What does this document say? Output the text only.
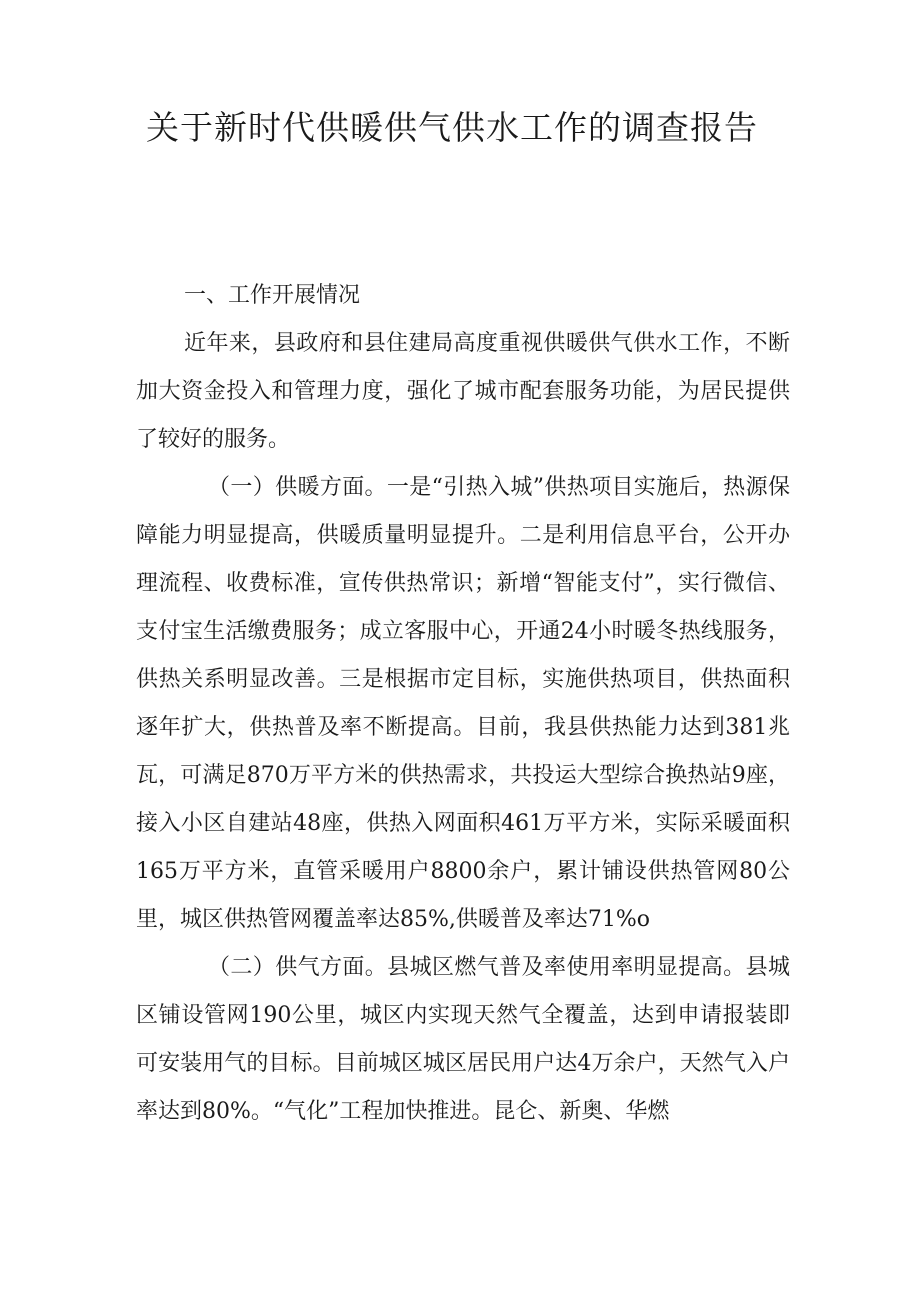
关于新时代供暖供气供水工作的调查报告

一、工作开展情况

近年来，县政府和县住建局高度重视供暖供气供水工作，不断加大资金投入和管理力度，强化了城市配套服务功能，为居民提供了较好的服务。

（一）供暖方面。一是“引热入城”供热项目实施后，热源保障能力明显提高，供暖质量明显提升。二是利用信息平台，公开办理流程、收费标准，宣传供热常识；新增“智能支付”，实行微信、支付宝生活缴费服务；成立客服中心，开通24小时暖冬热线服务，供热关系明显改善。三是根据市定目标，实施供热项目，供热面积逐年扩大，供热普及率不断提高。目前，我县供热能力达到381兆瓦，可满足870万平方米的供热需求，共投运大型综合换热站9座，接入小区自建站48座，供热入网面积461万平方米，实际采暖面积165万平方米，直管采暖用户8800余户，累计铺设供热管网80公里，城区供热管网覆盖率达85%,供暖普及率达71%o

（二）供气方面。县城区燃气普及率使用率明显提高。县城区铺设管网190公里，城区内实现天然气全覆盖，达到申请报装即可安装用气的目标。目前城区城区居民用户达4万余户，天然气入户率达到80%。“气化”工程加快推进。昆仑、新奥、华燃
